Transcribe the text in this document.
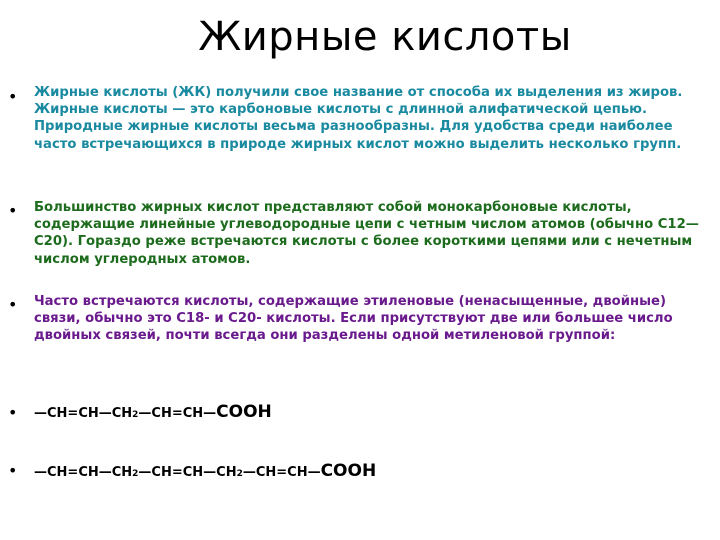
Жирные кислоты
• Жирные кислоты (ЖК) получили свое название от способа их выделения из жиров. Жирные кислоты — это карбоновые кислоты с длинной алифатической цепью. Природные жирные кислоты весьма разнообразны. Для удобства среди наиболее часто встречающихся в природе жирных кислот можно выделить несколько групп.
• Большинство жирных кислот представляют собой монокарбоновые кислоты, содержащие линейные углеводородные цепи с четным числом атомов (обычно С12—С20). Гораздо реже встречаются кислоты с более короткими цепями или с нечетным числом углеродных атомов.
• Часто встречаются кислоты, содержащие этиленовые (ненасыщенные, двойные) связи, обычно это С18- и С20- кислоты. Если присутствуют две или большее число двойных связей, почти всегда они разделены одной метиленовой группой:
• —CH=CH—CH2—CH=CH—COOH
• —CH=CH—CH2—CH=CH—CH2—CH=CH—COOH
